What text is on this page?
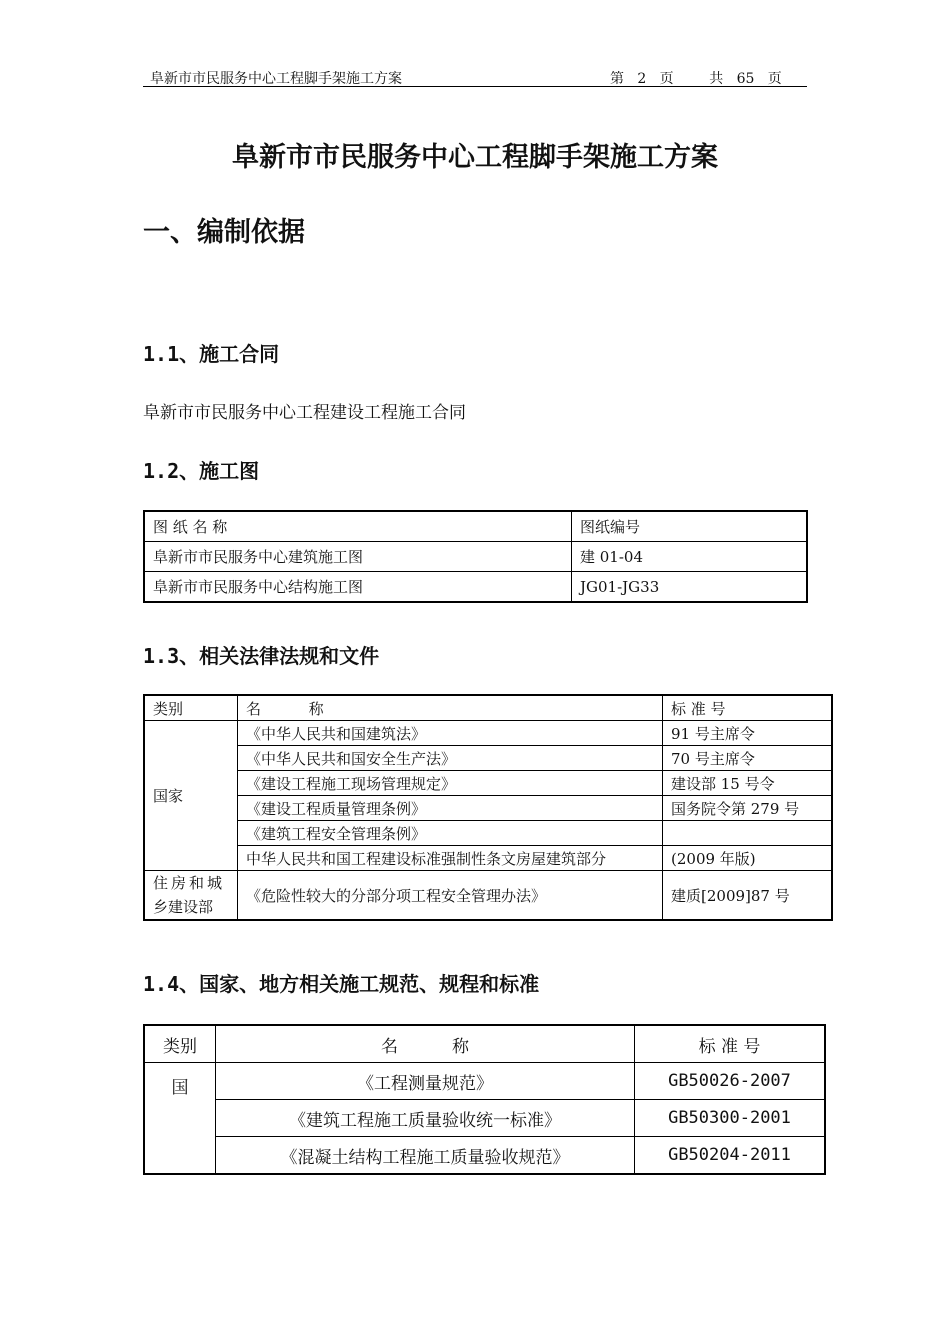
阜新市市民服务中心工程脚手架施工方案	第 2 页	共 65 页
阜新市市民服务中心工程脚手架施工方案
一、编制依据
1.1、施工合同
阜新市市民服务中心工程建设工程施工合同
1.2、施工图
图 纸 名 称	图纸编号
阜新市市民服务中心建筑施工图	建 01-04
阜新市市民服务中心结构施工图	JG01-JG33
1.3、相关法律法规和文件
类别	名          称	标 准 号
国家	《中华人民共和国建筑法》	91 号主席令
	《中华人民共和国安全生产法》	70 号主席令
	《建设工程施工现场管理规定》	建设部 15 号令
	《建设工程质量管理条例》	国务院令第 279 号
	《建筑工程安全管理条例》	
	中华人民共和国工程建设标准强制性条文房屋建筑部分	(2009 年版)

住房和城
乡建设部	《危险性较大的分部分项工程安全管理办法》	建质[2009]87 号
1.4、国家、地方相关施工规范、规程和标准
类别	名          称	标 准 号
国	《工程测量规范》	GB50026-2007
	《建筑工程施工质量验收统一标准》	GB50300-2001
	《混凝土结构工程施工质量验收规范》	GB50204-2011
